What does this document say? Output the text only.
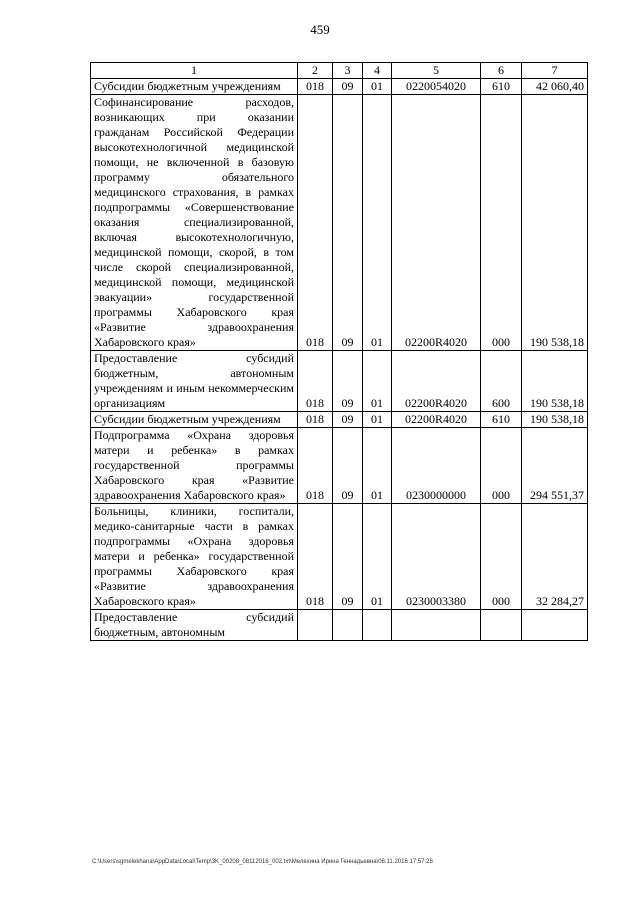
459
1	2	3	4	5	6	7
Субсидии бюджетным учреждениям	018	09	01	0220054020	610	42 060,40
Софинансирование расходов, возникающих при оказании гражданам Российской Федерации высокотехнологичной медицинской помощи, не включенной в базовую программу обязательного медицинского страхования, в рамках подпрограммы «Совершенствование оказания специализированной, включая высокотехнологичную, медицинской помощи, скорой, в том числе скорой специализированной, медицинской помощи, медицинской эвакуации» государственной программы Хабаровского края «Развитие здравоохранения Хабаровского края»	018	09	01	02200R4020	000	190 538,18
Предоставление субсидий бюджетным, автономным учреждениям и иным некоммерческим организациям	018	09	01	02200R4020	600	190 538,18
Субсидии бюджетным учреждениям	018	09	01	02200R4020	610	190 538,18
Подпрограмма «Охрана здоровья матери и ребенка» в рамках государственной программы Хабаровского края «Развитие здравоохранения Хабаровского края»	018	09	01	0230000000	000	294 551,37
Больницы, клиники, госпитали, медико-санитарные части в рамках подпрограммы «Охрана здоровья матери и ребенка» государственной программы Хабаровского края «Развитие здравоохранения Хабаровского края»	018	09	01	0230003380	000	32 284,27
Предоставление субсидий бюджетным, автономным						
C:\Users\sgmelekhana\AppData\Local\Temp\3K_00208_08112016_002.txt\Мелехина Ирина Геннадьевна\08.11.2016 17:57:28
